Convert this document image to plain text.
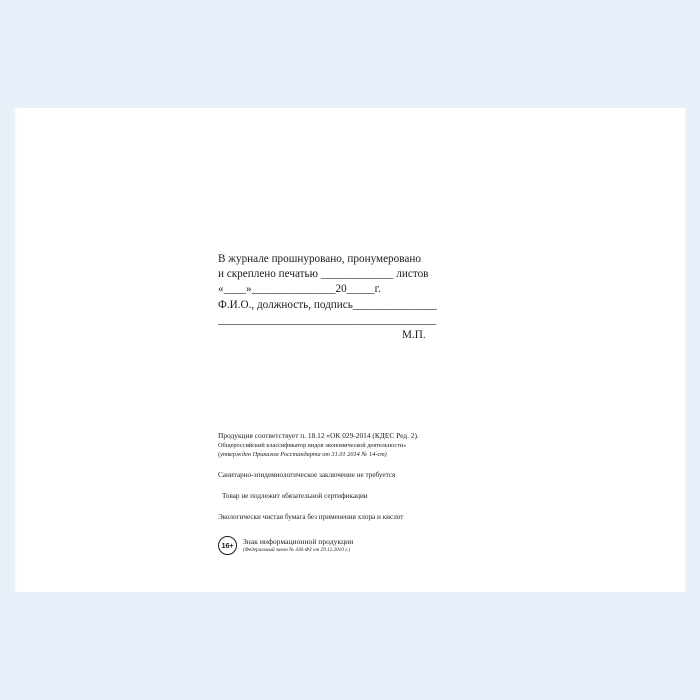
В журнале прошнуровано, пронумеровано
и скреплено печатью _____________ листов
«____»_______________20_____г.
Ф.И.О., должность, подпись_______________
_______________________________________
М.П.
Продукция соответствует п. 18.12 «ОК 029-2014 (КДЕС Ред. 2).
Общероссийский классификатор видов экономической деятельности»
(утвержден Приказом Росстандарта от 31.01 2014 № 14-ст)
Санитарно-эпидемиологическое заключение не требуется
Товар не подлежит обязательной сертификации
Экологически чистая бумага без применения хлора и кислот
16+	Знак информационной продукции
(Федеральный закон № 436-ФЗ от 29.12.2010 г.)
